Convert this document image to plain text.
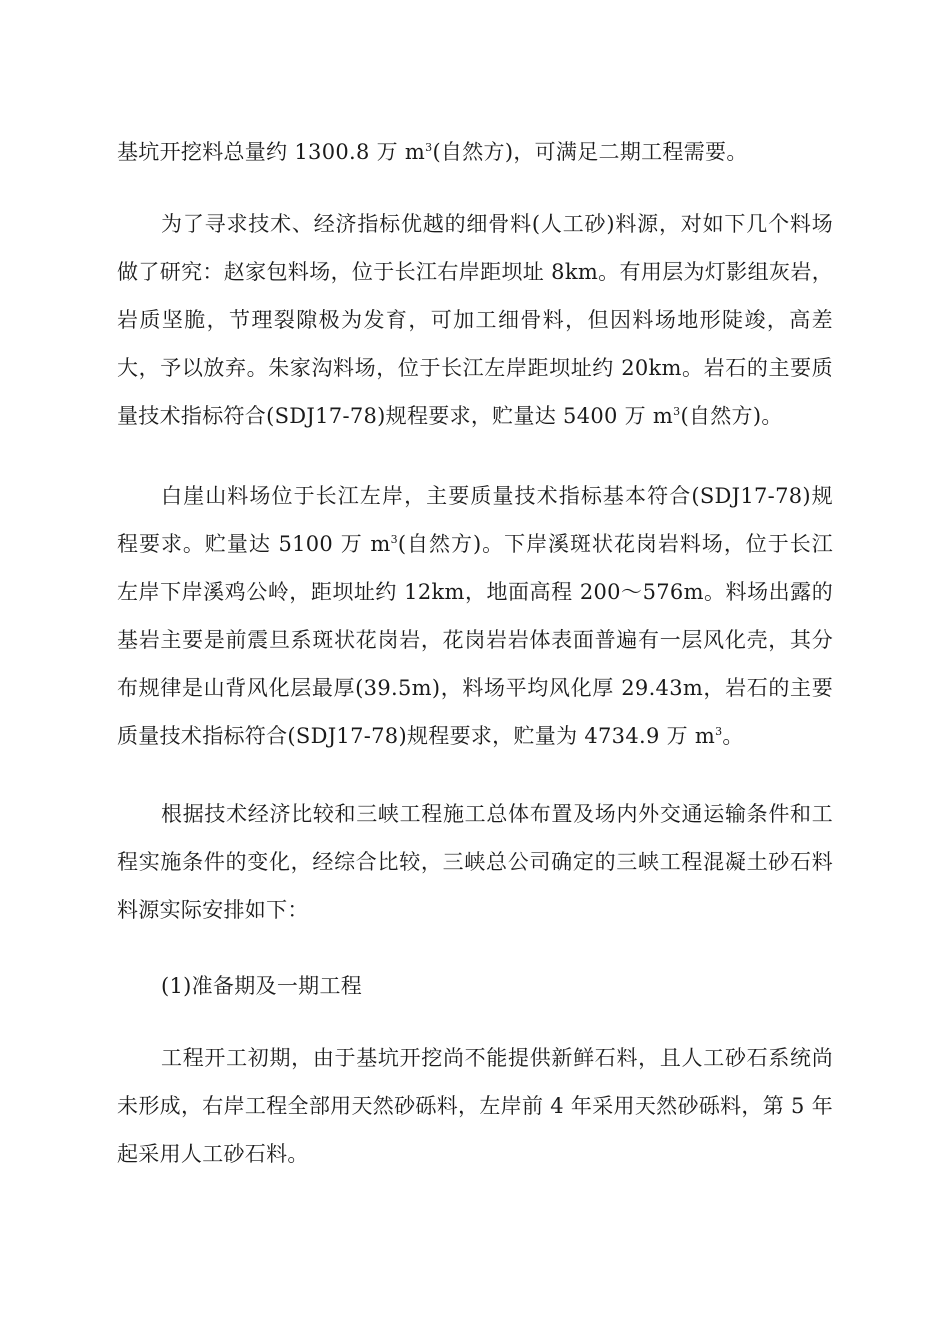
基坑开挖料总量约 1300.8 万 $m^3$(自然方)，可满足二期工程需要。

为了寻求技术、经济指标优越的细骨料(人工砂)料源，对如下几个料场做了研究：赵家包料场，位于长江右岸距坝址 8km。有用层为灯影组灰岩，岩质坚脆，节理裂隙极为发育，可加工细骨料，但因料场地形陡竣，高差大，予以放弃。朱家沟料场，位于长江左岸距坝址约 20km。岩石的主要质量技术指标符合(SDJ17-78)规程要求，贮量达 5400 万 $m^3$(自然方)。

白崖山料场位于长江左岸，主要质量技术指标基本符合(SDJ17-78)规程要求。贮量达 5100 万 $m^3$(自然方)。下岸溪斑状花岗岩料场，位于长江左岸下岸溪鸡公岭，距坝址约 12km，地面高程 200～576m。料场出露的基岩主要是前震旦系斑状花岗岩，花岗岩岩体表面普遍有一层风化壳，其分布规律是山背风化层最厚(39.5m)，料场平均风化厚 29.43m，岩石的主要质量技术指标符合(SDJ17-78)规程要求，贮量为 4734.9 万 $m^3$。

根据技术经济比较和三峡工程施工总体布置及场内外交通运输条件和工程实施条件的变化，经综合比较，三峡总公司确定的三峡工程混凝土砂石料料源实际安排如下：

(1)准备期及一期工程

工程开工初期，由于基坑开挖尚不能提供新鲜石料，且人工砂石系统尚未形成，右岸工程全部用天然砂砾料，左岸前 4 年采用天然砂砾料，第 5 年起采用人工砂石料。
